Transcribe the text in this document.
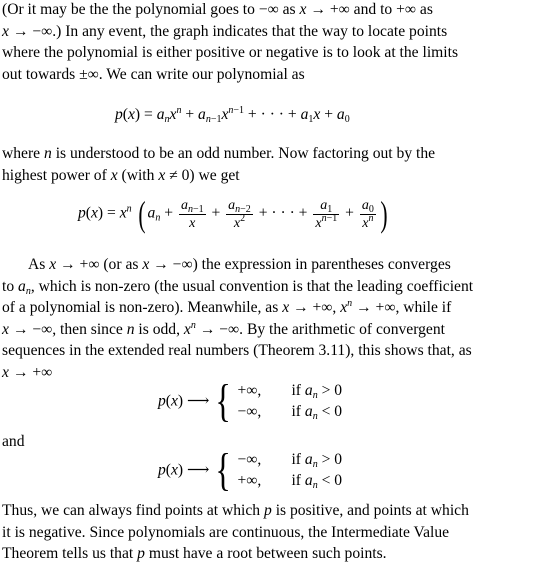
(Or it may be the the polynomial goes to −∞ as x → +∞ and to +∞ as
x → −∞.) In any event, the graph indicates that the way to locate points
where the polynomial is either positive or negative is to look at the limits
out towards ±∞. We can write our polynomial as
$p(x) = a_nx^n + a_{n-1}x^{n-1}$ + · · · + $a_1x + a_0$
where n is understood to be an odd number. Now factoring out by the
highest power of x (with x ≠ 0) we get
$p(x) = x^n$ ( $a_n + \frac{a_{n-1}}{x} + \frac{a_{n-2}}{x^2}$ + · · · + $\frac{a_1}{x^{n-1}} + \frac{a_0}{x^n}$ )
As x → +∞ (or as x → −∞) the expression in parentheses converges
to $a_n$, which is non-zero (the usual convention is that the leading coefficient
of a polynomial is non-zero). Meanwhile, as x → +∞, $x^n$ → +∞, while if
x → −∞, then since n is odd, $x^n$ → −∞. By the arithmetic of convergent
sequences in the extended real numbers (Theorem 3.11), this shows that, as
x → +∞
p(x) ⟶ { +∞, if $a_n > 0$
−∞, if $a_n < 0$
and
p(x) ⟶ { −∞, if $a_n > 0$
+∞, if $a_n < 0$
Thus, we can always find points at which p is positive, and points at which
it is negative. Since polynomials are continuous, the Intermediate Value
Theorem tells us that p must have a root between such points.
